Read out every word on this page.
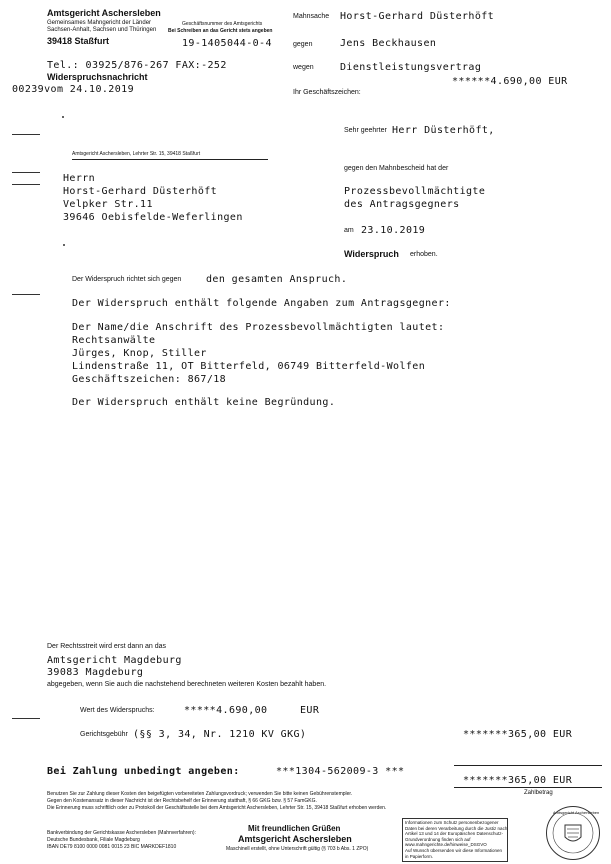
Amtsgericht Aschersleben
Gemeinsames Mahngericht der Länder
Sachsen-Anhalt, Sachsen und Thüringen
39418 Staßfurt
Tel.: 03925/876-267 FAX:-252
Widerspruchsnachricht
00239vom 24.10.2019
Geschäftsnummer des Amtsgerichts
Bei Schreiben an das Gericht stets angeben
19-1405044-0-4
Mahnsache Horst-Gerhard Düsterhöft
gegen	Jens Beckhausen
wegen	Dienstleistungsvertrag
******4.690,00 EUR
Ihr Geschäftszeichen:
Amtsgericht Aschersleben, Lehrter Str. 15, 39418 Staßfurt
Sehr geehrter Herr Düsterhöft,
gegen den Mahnbescheid hat der
Prozessbevollmächtigte
des Antragsgegners
am 23.10.2019
Widerspruch erhoben.
Herrn
Horst-Gerhard Düsterhöft
Velpker Str.11
39646 Oebisfelde-Weferlingen
Der Widerspruch richtet sich gegen den gesamten Anspruch.
Der Widerspruch enthält folgende Angaben zum Antragsgegner:
Der Name/die Anschrift des Prozessbevollmächtigten lautet:
Rechtsanwälte
Jürges, Knop, Stiller
Lindenstraße 11, OT Bitterfeld, 06749 Bitterfeld-Wolfen
Geschäftszeichen: 867/18
Der Widerspruch enthält keine Begründung.
Der Rechtsstreit wird erst dann an das
Amtsgericht Magdeburg
39083 Magdeburg
abgegeben, wenn Sie auch die nachstehend berechneten weiteren Kosten bezahlt haben.
Wert des Widerspruchs:	*****4.690,00	EUR
Gerichtsgebühr (§§ 3, 34, Nr. 1210 KV GKG)	*******365,00 EUR
Bei Zahlung unbedingt angeben:	***1304-562009-3 ***
*******365,00 EUR
Zahlbetrag
Benutzen Sie zur Zahlung dieser Kosten den beigefügten vorbereiteten Zahlungsvordruck; verwenden Sie bitte keinen Gebührenstempler.
Gegen den Kostenansatz in dieser Nachricht ist der Rechtsbehelf der Erinnerung statthaft, § 66 GKG bzw. § 57 FamGKG.
Die Erinnerung muss schriftlich oder zu Protokoll der Geschäftsstelle bei dem Amtsgericht Aschersleben, Lehrter Str. 15, 39418 Staßfurt erhoben werden.
Bankverbindung der Gerichtskasse Aschersleben (Mahnverfahren):
Deutsche Bundesbank, Filiale Magdeburg
IBAN DE79 8100 0000 0081 0015 23 BIC MARKDEF1810
Mit freundlichen Grüßen
Amtsgericht Aschersleben
Maschinell erstellt, ohne Unterschrift gültig (§ 703 b Abs. 1 ZPO)
Informationen zum Schutz personenbezogener
Daten bei deren Verarbeitung durch die Justiz nach
Artikel 13 und 14 der Europäischen Datenschutz-
Grundverordnung finden sich auf
www.mahngerichte.de/hinweise_DSGVO
Auf Wunsch übersenden wir diese Informationen
in Papierform.
Amtsgericht Aschersleben
